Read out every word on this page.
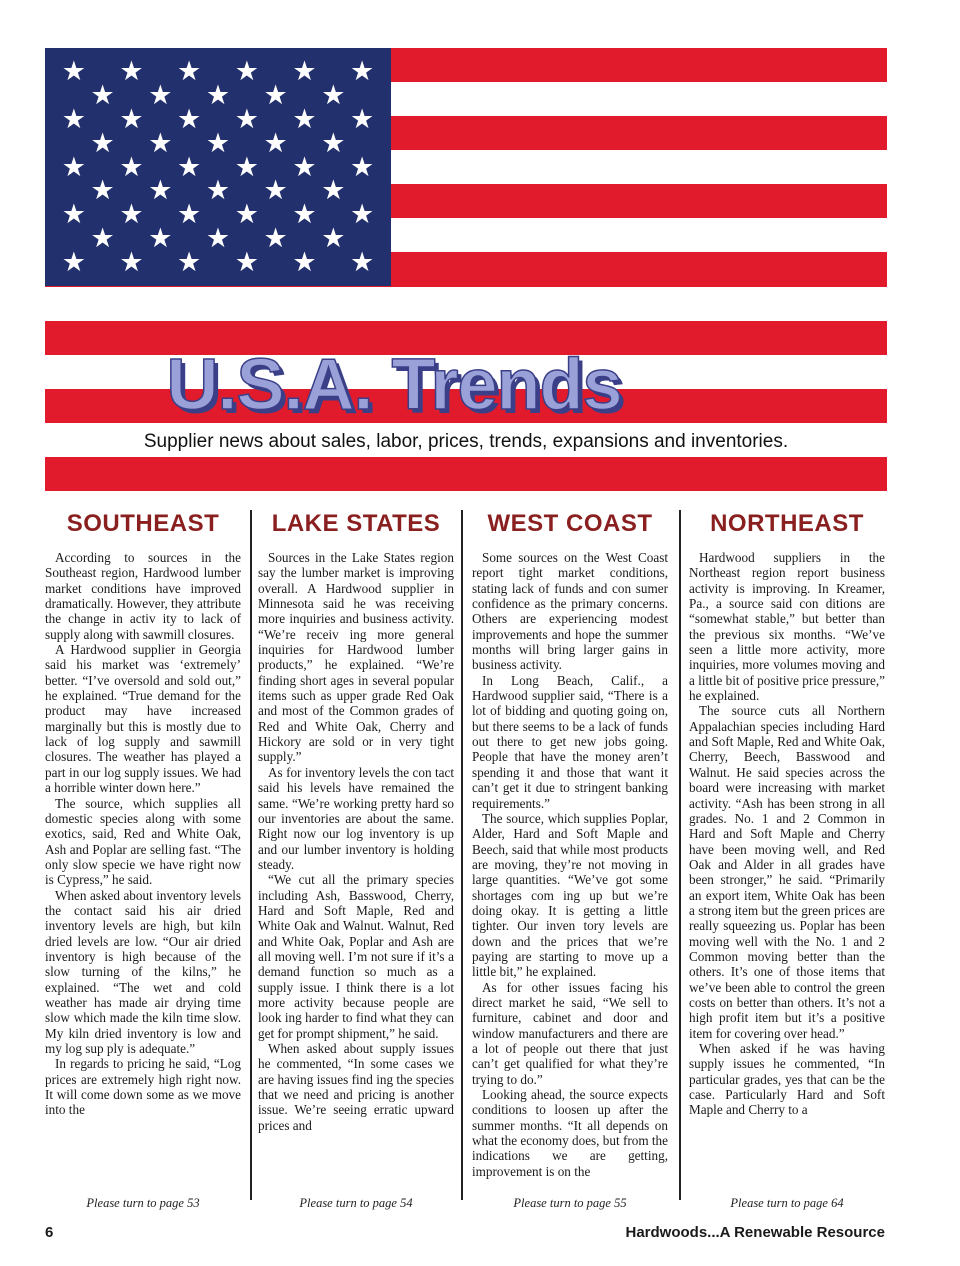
★ ★ ★ ★ ★ ★
★ ★ ★ ★ ★
★ ★ ★ ★ ★ ★
★ ★ ★ ★ ★
★ ★ ★ ★ ★ ★
★ ★ ★ ★ ★
★ ★ ★ ★ ★ ★
★ ★ ★ ★ ★
★ ★ ★ ★ ★ ★
U.S.A. Trends
Supplier news about sales, labor, prices, trends, expansions and inventories.
SOUTHEAST

According to sources in the Southeast region, Hardwood lumber market conditions have improved dramatically. However, they attribute the change in activ ity to lack of supply along with sawmill closures.

A Hardwood supplier in Georgia said his market was ‘extremely’ better. “I’ve oversold and sold out,” he explained. “True demand for the product may have increased marginally but this is mostly due to lack of log supply and sawmill closures. The weather has played a part in our log supply issues. We had a horrible winter down here.”

The source, which supplies all domestic species along with some exotics, said, Red and White Oak, Ash and Poplar are selling fast. “The only slow specie we have right now is Cypress,” he said.

When asked about inventory levels the contact said his air dried inventory levels are high, but kiln dried levels are low. “Our air dried inventory is high because of the slow turning of the kilns,” he explained. “The wet and cold weather has made air drying time slow which made the kiln time slow. My kiln dried inventory is low and my log sup ply is adequate.”

In regards to pricing he said, “Log prices are extremely high right now. It will come down some as we move into the

Please turn to page 53
LAKE STATES

Sources in the Lake States region say the lumber market is improving overall. A Hardwood supplier in Minnesota said he was receiving more inquiries and business activity. “We’re receiv ing more general inquiries for Hardwood lumber products,” he explained. “We’re finding short ages in several popular items such as upper grade Red Oak and most of the Common grades of Red and White Oak, Cherry and Hickory are sold or in very tight supply.”

As for inventory levels the con tact said his levels have remained the same. “We’re working pretty hard so our inventories are about the same. Right now our log inventory is up and our lumber inventory is holding steady.

“We cut all the primary species including Ash, Basswood, Cherry, Hard and Soft Maple, Red and White Oak and Walnut. Walnut, Red and White Oak, Poplar and Ash are all moving well. I’m not sure if it’s a demand function so much as a supply issue. I think there is a lot more activity because people are look ing harder to find what they can get for prompt shipment,” he said.

When asked about supply issues he commented, “In some cases we are having issues find ing the species that we need and pricing is another issue. We’re seeing erratic upward prices and

Please turn to page 54
WEST COAST

Some sources on the West Coast report tight market conditions, stating lack of funds and con sumer confidence as the primary concerns. Others are experiencing modest improvements and hope the summer months will bring larger gains in business activity.

In Long Beach, Calif., a Hardwood supplier said, “There is a lot of bidding and quoting going on, but there seems to be a lack of funds out there to get new jobs going. People that have the money aren’t spending it and those that want it can’t get it due to stringent banking requirements.”

The source, which supplies Poplar, Alder, Hard and Soft Maple and Beech, said that while most products are moving, they’re not moving in large quantities. “We’ve got some shortages com ing up but we’re doing okay. It is getting a little tighter. Our inven tory levels are down and the prices that we’re paying are starting to move up a little bit,” he explained.

As for other issues facing his direct market he said, “We sell to furniture, cabinet and door and window manufacturers and there are a lot of people out there that just can’t get qualified for what they’re trying to do.”

Looking ahead, the source expects conditions to loosen up after the summer months. “It all depends on what the economy does, but from the indications we are getting, improvement is on the

Please turn to page 55
NORTHEAST

Hardwood suppliers in the Northeast region report business activity is improving. In Kreamer, Pa., a source said con ditions are “somewhat stable,” but better than the previous six months. “We’ve seen a little more activity, more inquiries, more volumes moving and a little bit of positive price pressure,” he explained.

The source cuts all Northern Appalachian species including Hard and Soft Maple, Red and White Oak, Cherry, Beech, Basswood and Walnut. He said species across the board were increasing with market activity. “Ash has been strong in all grades. No. 1 and 2 Common in Hard and Soft Maple and Cherry have been moving well, and Red Oak and Alder in all grades have been stronger,” he said. “Primarily an export item, White Oak has been a strong item but the green prices are really squeezing us. Poplar has been moving well with the No. 1 and 2 Common moving better than the others. It’s one of those items that we’ve been able to control the green costs on better than others. It’s not a high profit item but it’s a positive item for covering over head.”

When asked if he was having supply issues he commented, “In particular grades, yes that can be the case. Particularly Hard and Soft Maple and Cherry to a

Please turn to page 64
6	Hardwoods...A Renewable Resource
